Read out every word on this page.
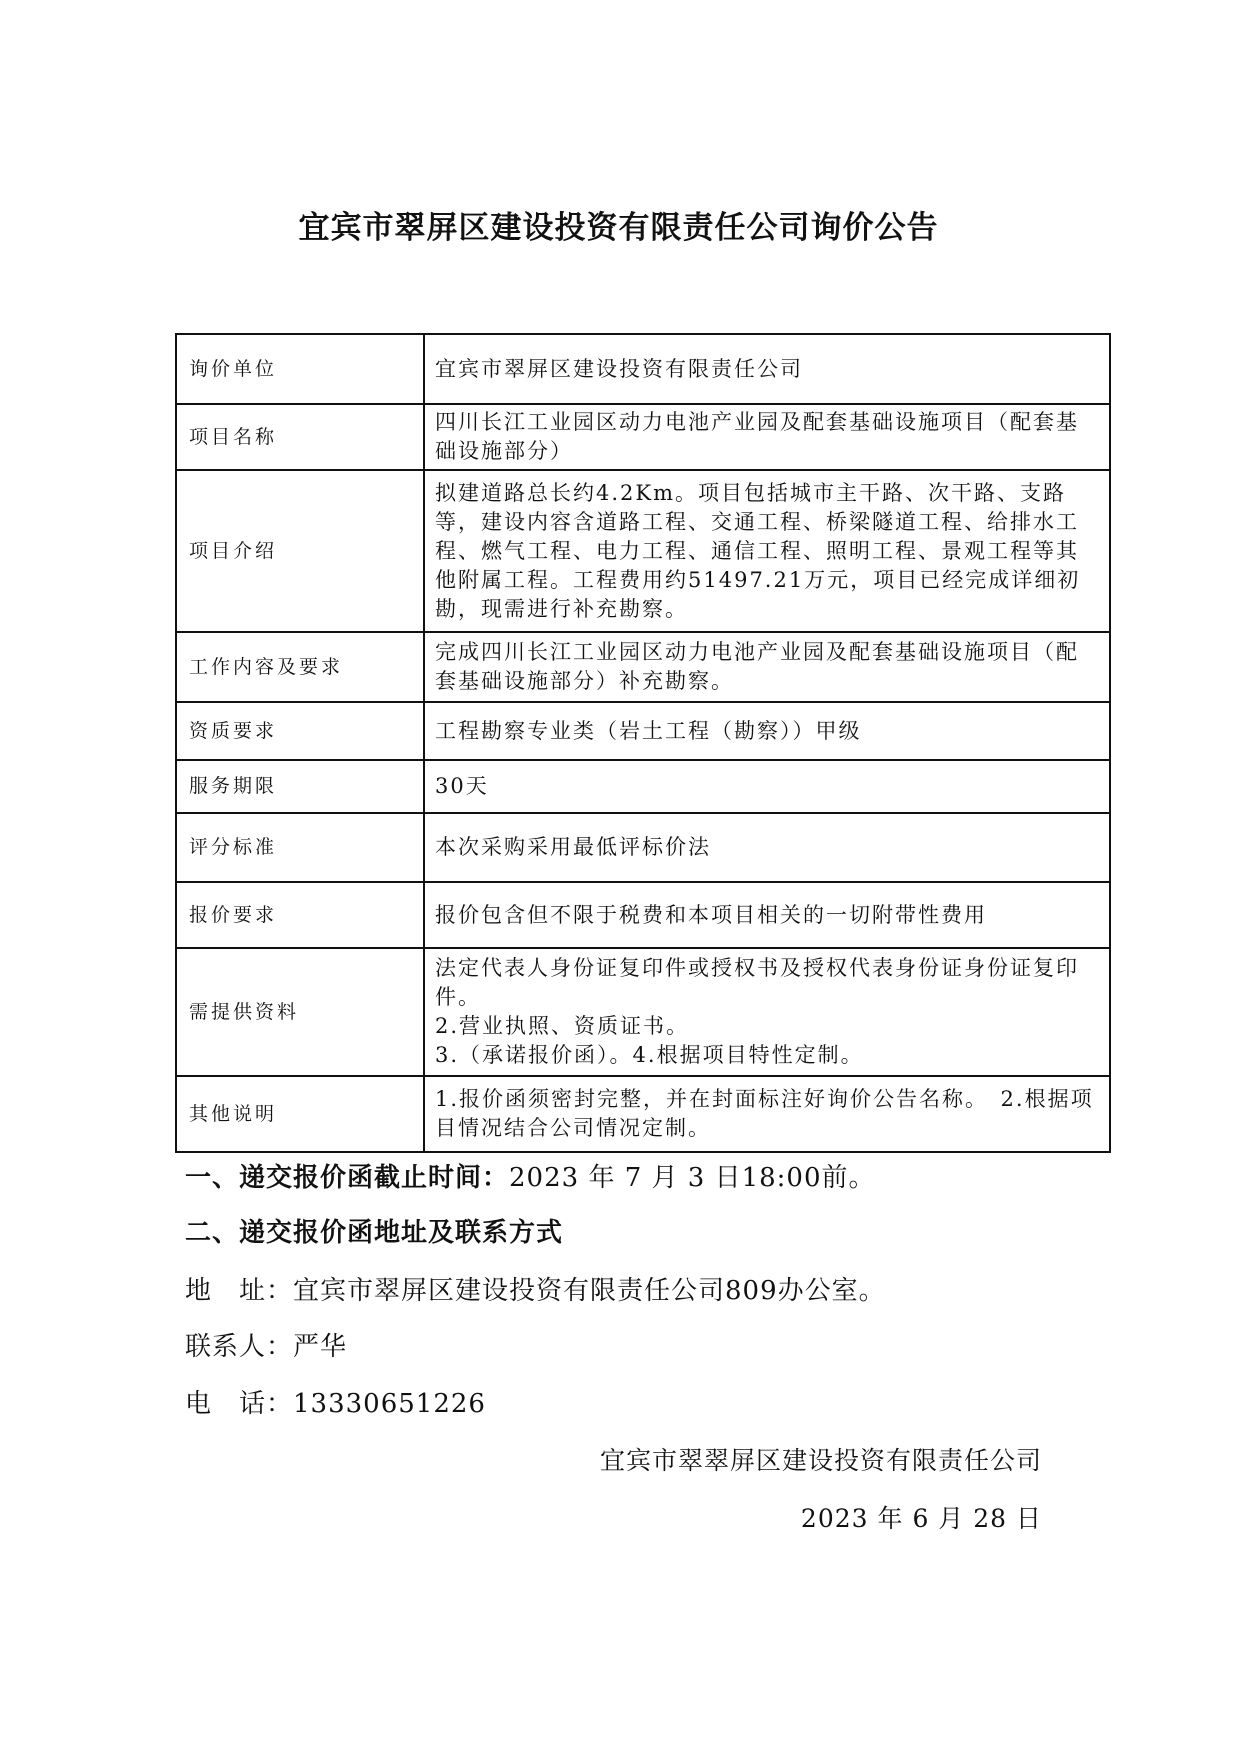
宜宾市翠屏区建设投资有限责任公司询价公告
询价单位	宜宾市翠屏区建设投资有限责任公司
项目名称	四川长江工业园区动力电池产业园及配套基础设施项目（配套基础设施部分）
项目介绍	拟建道路总长约4.2Km。项目包括城市主干路、次干路、支路等，建设内容含道路工程、交通工程、桥梁隧道工程、给排水工程、燃气工程、电力工程、通信工程、照明工程、景观工程等其他附属工程。工程费用约51497.21万元，项目已经完成详细初勘，现需进行补充勘察。
工作内容及要求	完成四川长江工业园区动力电池产业园及配套基础设施项目（配套基础设施部分）补充勘察。
资质要求	工程勘察专业类（岩土工程（勘察））甲级
服务期限	30天
评分标准	本次采购采用最低评标价法
报价要求	报价包含但不限于税费和本项目相关的一切附带性费用
需提供资料	法定代表人身份证复印件或授权书及授权代表身份证身份证复印件。
2.营业执照、资质证书。
3.（承诺报价函）。4.根据项目特性定制。

其他说明	1.报价函须密封完整，并在封面标注好询价公告名称。　2.根据项目情况结合公司情况定制。
一、递交报价函截止时间：2023 年 7 月 3 日18:00前。
二、递交报价函地址及联系方式
地　址：宜宾市翠屏区建设投资有限责任公司809办公室。
联系人：严华
电　话：13330651226
宜宾市翠翠屏区建设投资有限责任公司
2023 年 6 月 28 日
